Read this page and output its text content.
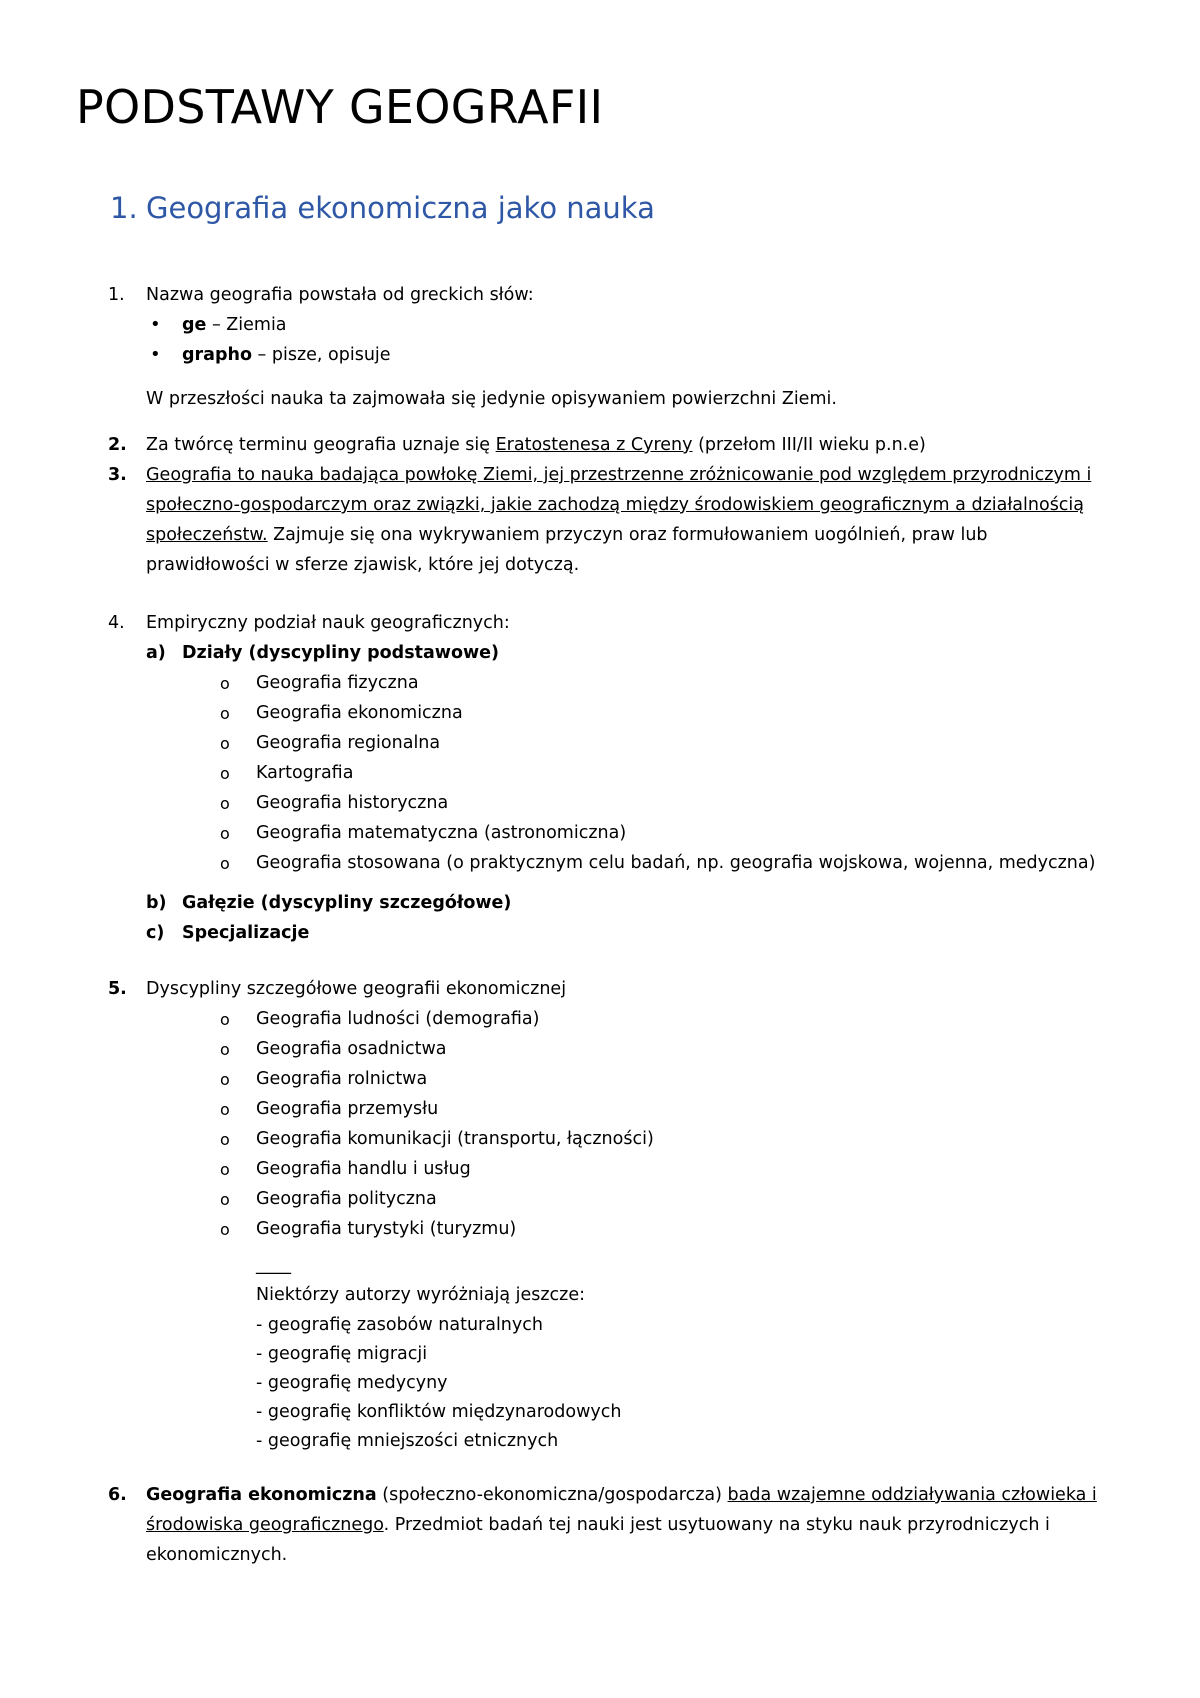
PODSTAWY GEOGRAFII
1. Geografia ekonomiczna jako nauka
1. Nazwa geografia powstała od greckich słów:
• ge – Ziemia
• grapho – pisze, opisuje
W przeszłości nauka ta zajmowała się jedynie opisywaniem powierzchni Ziemi.
2. Za twórcę terminu geografia uznaje się Eratostenesa z Cyreny (przełom III/II wieku p.n.e)
3. Geografia to nauka badająca powłokę Ziemi, jej przestrzenne zróżnicowanie pod względem przyrodniczym i
społeczno-gospodarczym oraz związki, jakie zachodzą między środowiskiem geograficznym a działalnością
społeczeństw. Zajmuje się ona wykrywaniem przyczyn oraz formułowaniem uogólnień, praw lub
prawidłowości w sferze zjawisk, które jej dotyczą.
4. Empiryczny podział nauk geograficznych:
a) Działy (dyscypliny podstawowe)
o Geografia fizyczna
o Geografia ekonomiczna
o Geografia regionalna
o Kartografia
o Geografia historyczna
o Geografia matematyczna (astronomiczna)
o Geografia stosowana (o praktycznym celu badań, np. geografia wojskowa, wojenna, medyczna)
b) Gałęzie (dyscypliny szczegółowe)
c) Specjalizacje
5. Dyscypliny szczegółowe geografii ekonomicznej
o Geografia ludności (demografia)
o Geografia osadnictwa
o Geografia rolnictwa
o Geografia przemysłu
o Geografia komunikacji (transportu, łączności)
o Geografia handlu i usług
o Geografia polityczna
o Geografia turystyki (turyzmu)
____
Niektórzy autorzy wyróżniają jeszcze:
- geografię zasobów naturalnych
- geografię migracji
- geografię medycyny
- geografię konfliktów międzynarodowych
- geografię mniejszości etnicznych
6. Geografia ekonomiczna (społeczno-ekonomiczna/gospodarcza) bada wzajemne oddziaływania człowieka i
środowiska geograficznego. Przedmiot badań tej nauki jest usytuowany na styku nauk przyrodniczych i
ekonomicznych.
